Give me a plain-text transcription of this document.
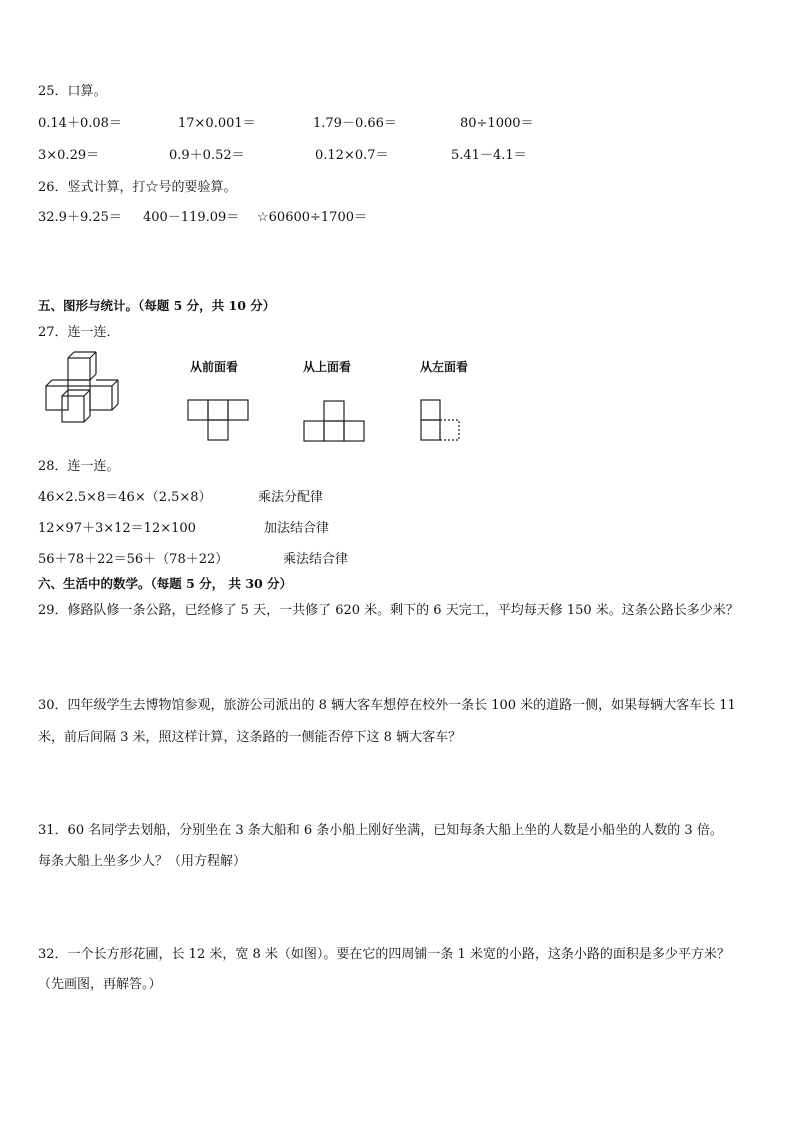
25．口算。
0.14＋0.08＝	17×0.001＝	1.79－0.66＝	80÷1000＝
3×0.29＝	0.9＋0.52＝	0.12×0.7＝	5.41－4.1＝
26．竖式计算，打☆号的要验算。
32.9＋9.25＝ 400－119.09＝ ☆60600÷1700＝
五、图形与统计。（每题 5 分，共 10 分）
27．连一连．
从前面看	从上面看	从左面看
28．连一连。
46×2.5×8＝46×（2.5×8）	乘法分配律
12×97＋3×12＝12×100	加法结合律
56＋78＋22＝56＋（78＋22）	乘法结合律
六、生活中的数学。（每题 5 分， 共 30 分）
29．修路队修一条公路，已经修了 5 天，一共修了 620 米。剩下的 6 天完工，平均每天修 150 米。这条公路长多少米？
30．四年级学生去博物馆参观，旅游公司派出的 8 辆大客车想停在校外一条长 100 米的道路一侧，如果每辆大客车长 11
米，前后间隔 3 米，照这样计算，这条路的一侧能否停下这 8 辆大客车？
31．60 名同学去划船，分别坐在 3 条大船和 6 条小船上刚好坐满，已知每条大船上坐的人数是小船坐的人数的 3 倍。
每条大船上坐多少人？（用方程解）
32．一个长方形花圃，长 12 米，宽 8 米（如图）。要在它的四周铺一条 1 米宽的小路，这条小路的面积是多少平方米？
（先画图，再解答。）
